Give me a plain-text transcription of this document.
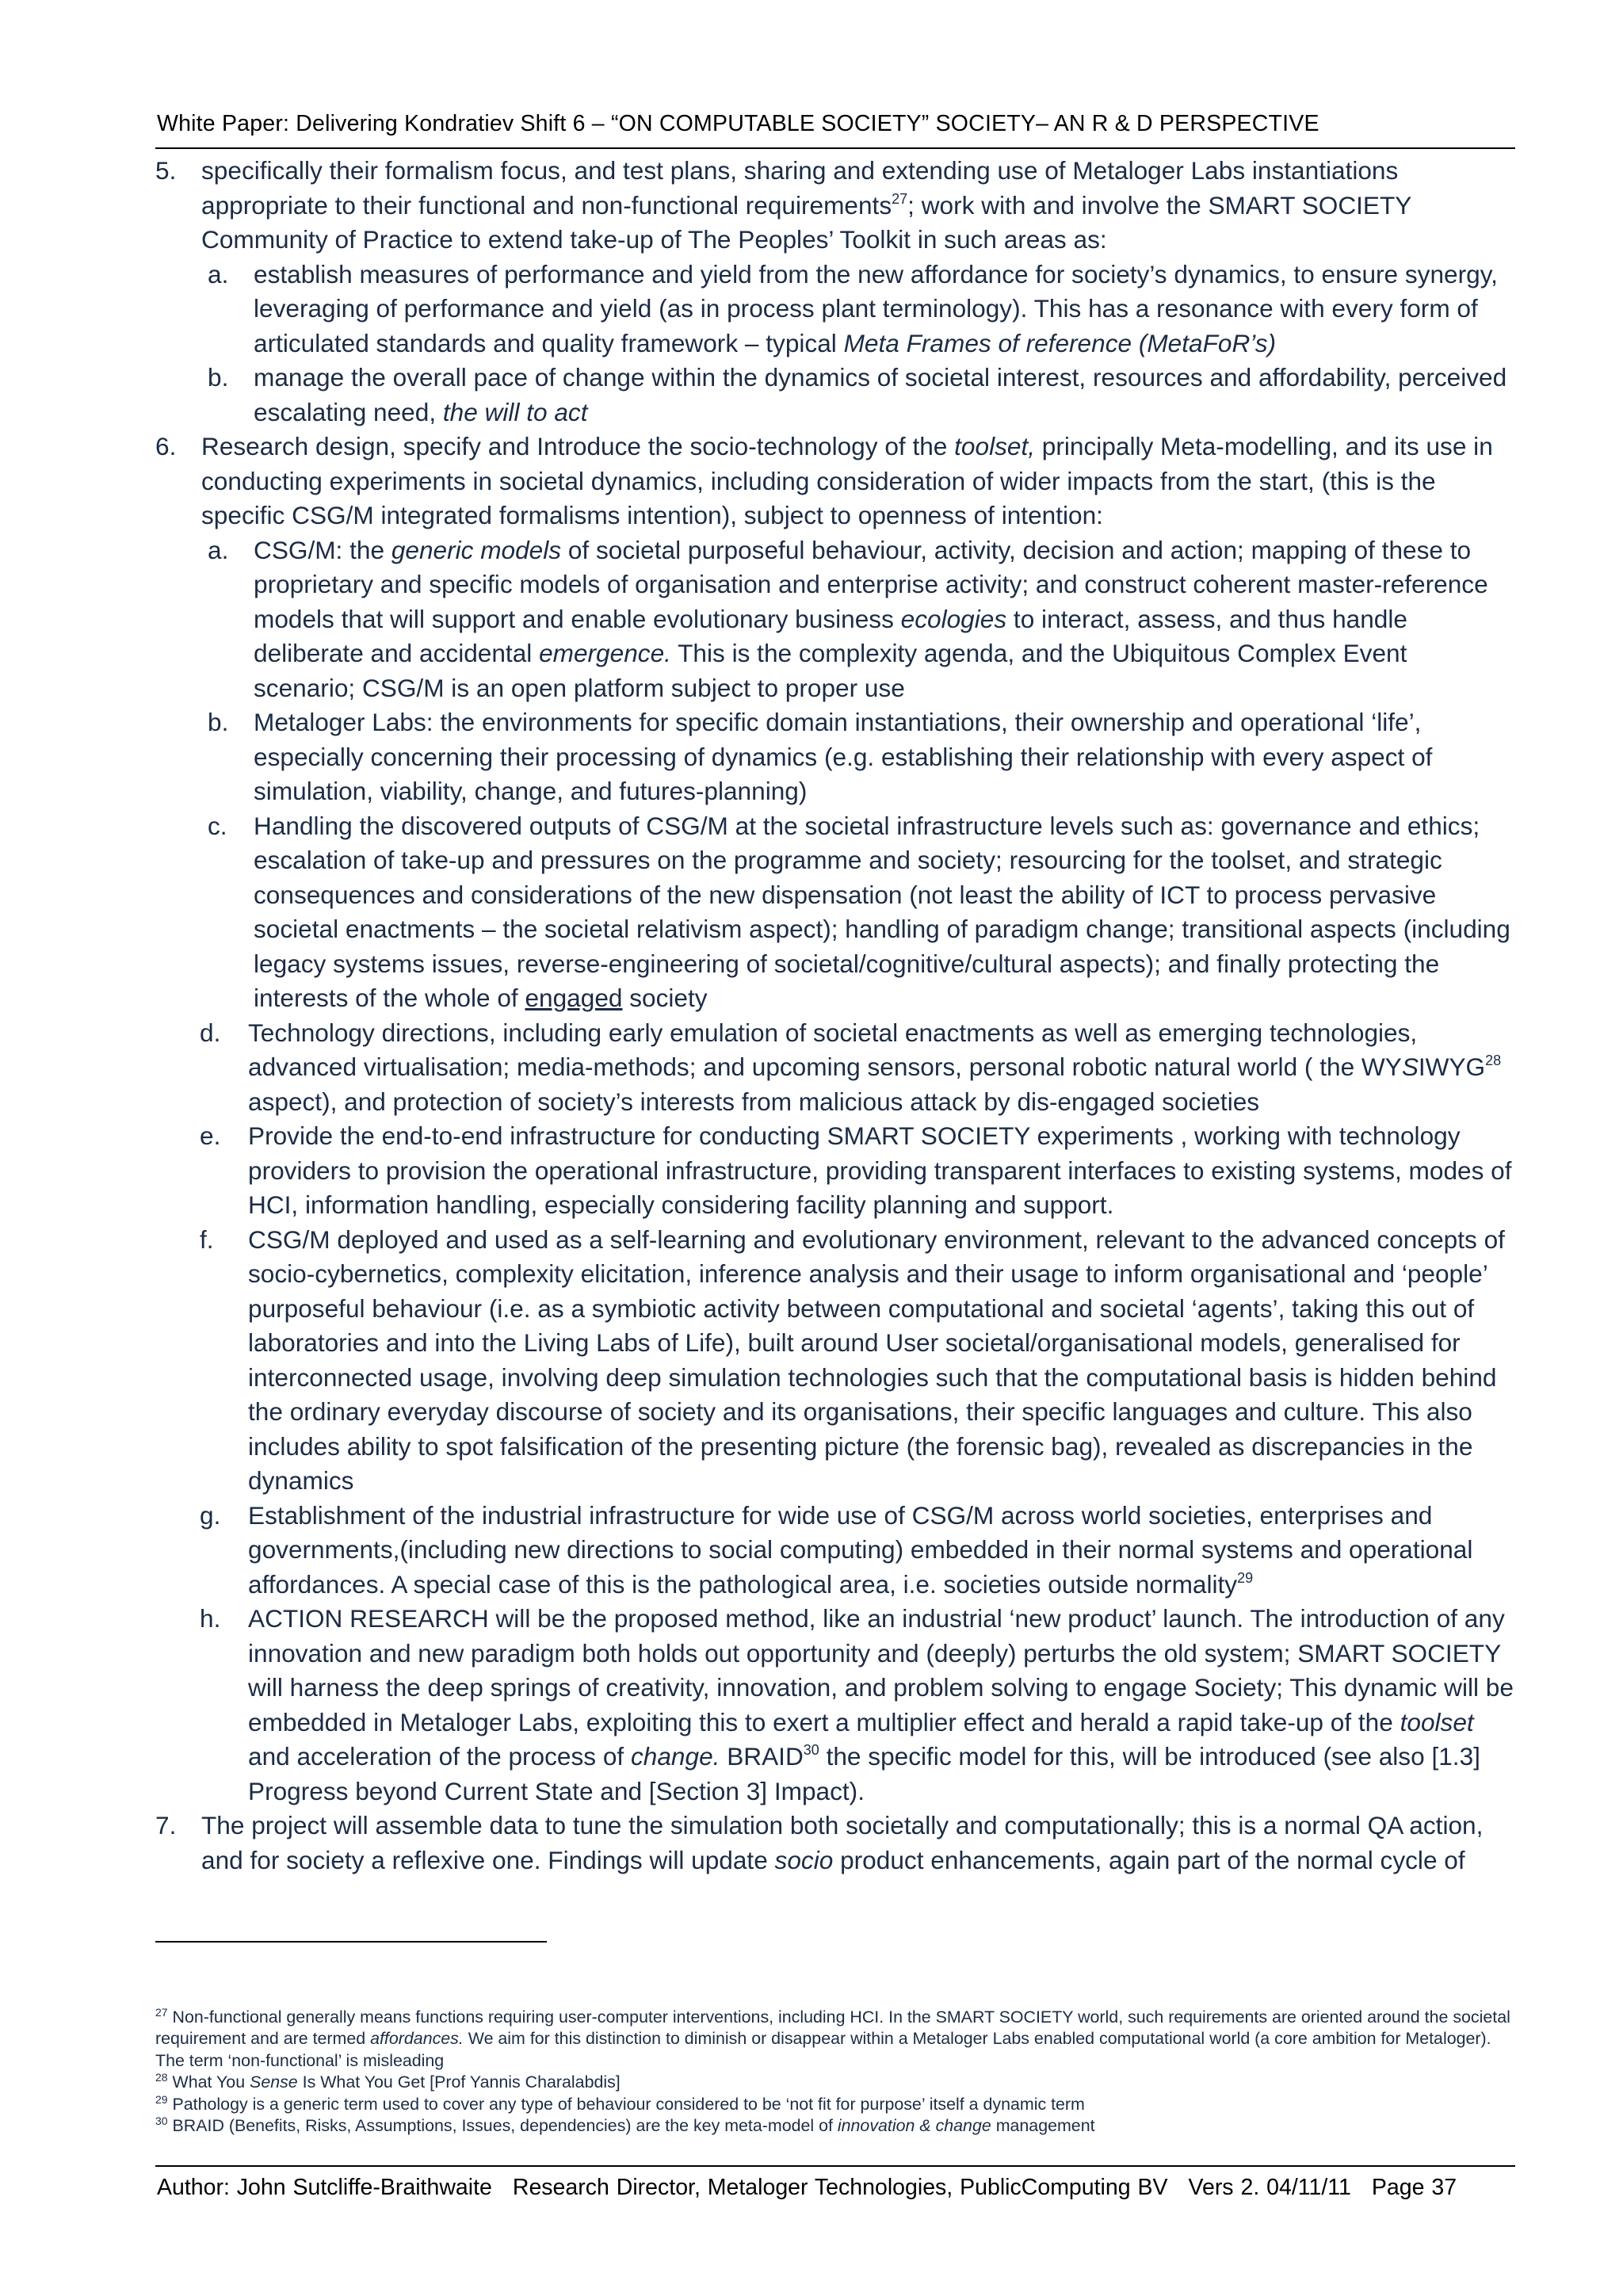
White Paper: Delivering Kondratiev Shift 6 – “ON COMPUTABLE SOCIETY” SOCIETY– AN R & D PERSPECTIVE
5. specifically their formalism focus, and test plans, sharing and extending use of Metaloger Labs instantiations appropriate to their functional and non-functional requirements$^{27}$; work with and involve the SMART SOCIETY Community of Practice to extend take-up of The Peoples’ Toolkit in such areas as:
a. establish measures of performance and yield from the new affordance for society’s dynamics, to ensure synergy, leveraging of performance and yield (as in process plant terminology). This has a resonance with every form of articulated standards and quality framework – typical Meta Frames of reference (MetaFoR’s)
b. manage the overall pace of change within the dynamics of societal interest, resources and affordability, perceived escalating need, the will to act
6. Research design, specify and Introduce the socio-technology of the toolset, principally Meta-modelling, and its use in conducting experiments in societal dynamics, including consideration of wider impacts from the start, (this is the specific CSG/M integrated formalisms intention), subject to openness of intention:
a. CSG/M: the generic models of societal purposeful behaviour, activity, decision and action; mapping of these to proprietary and specific models of organisation and enterprise activity; and construct coherent master-reference models that will support and enable evolutionary business ecologies to interact, assess, and thus handle deliberate and accidental emergence. This is the complexity agenda, and the Ubiquitous Complex Event scenario; CSG/M is an open platform subject to proper use
b. Metaloger Labs: the environments for specific domain instantiations, their ownership and operational ‘life’, especially concerning their processing of dynamics (e.g. establishing their relationship with every aspect of simulation, viability, change, and futures-planning)
c. Handling the discovered outputs of CSG/M at the societal infrastructure levels such as: governance and ethics; escalation of take-up and pressures on the programme and society; resourcing for the toolset, and strategic consequences and considerations of the new dispensation (not least the ability of ICT to process pervasive societal enactments – the societal relativism aspect); handling of paradigm change; transitional aspects (including legacy systems issues, reverse-engineering of societal/cognitive/cultural aspects); and finally protecting the interests of the whole of engaged society
d. Technology directions, including early emulation of societal enactments as well as emerging technologies, advanced virtualisation; media-methods; and upcoming sensors, personal robotic natural world ( the WYSIWYG$^{28}$ aspect), and protection of society’s interests from malicious attack by dis-engaged societies
e. Provide the end-to-end infrastructure for conducting SMART SOCIETY experiments , working with technology providers to provision the operational infrastructure, providing transparent interfaces to existing systems, modes of HCI, information handling, especially considering facility planning and support.
f. CSG/M deployed and used as a self-learning and evolutionary environment, relevant to the advanced concepts of socio-cybernetics, complexity elicitation, inference analysis and their usage to inform organisational and ‘people’ purposeful behaviour (i.e. as a symbiotic activity between computational and societal ‘agents’, taking this out of laboratories and into the Living Labs of Life), built around User societal/organisational models, generalised for interconnected usage, involving deep simulation technologies such that the computational basis is hidden behind the ordinary everyday discourse of society and its organisations, their specific languages and culture. This also includes ability to spot falsification of the presenting picture (the forensic bag), revealed as discrepancies in the dynamics
g. Establishment of the industrial infrastructure for wide use of CSG/M across world societies, enterprises and governments,(including new directions to social computing) embedded in their normal systems and operational affordances. A special case of this is the pathological area, i.e. societies outside normality$^{29}$
h. ACTION RESEARCH will be the proposed method, like an industrial ‘new product’ launch. The introduction of any innovation and new paradigm both holds out opportunity and (deeply) perturbs the old system; SMART SOCIETY will harness the deep springs of creativity, innovation, and problem solving to engage Society; This dynamic will be embedded in Metaloger Labs, exploiting this to exert a multiplier effect and herald a rapid take-up of the toolset and acceleration of the process of change. BRAID$^{30}$ the specific model for this, will be introduced (see also [1.3] Progress beyond Current State and [Section 3] Impact).
7. The project will assemble data to tune the simulation both societally and computationally; this is a normal QA action, and for society a reflexive one. Findings will update socio product enhancements, again part of the normal cycle of
$^{27}$ Non-functional generally means functions requiring user-computer interventions, including HCI. In the SMART SOCIETY world, such requirements are oriented around the societal requirement and are termed affordances. We aim for this distinction to diminish or disappear within a Metaloger Labs enabled computational world (a core ambition for Metaloger). The term ‘non-functional’ is misleading
$^{28}$ What You Sense Is What You Get [Prof Yannis Charalabdis]
$^{29}$ Pathology is a generic term used to cover any type of behaviour considered to be ‘not fit for purpose’ itself a dynamic term
$^{30}$ BRAID (Benefits, Risks, Assumptions, Issues, dependencies) are the key meta-model of innovation & change management
Author: John Sutcliffe-Braithwaite Research Director, Metaloger Technologies, PublicComputing BV Vers 2. 04/11/11 Page 37
